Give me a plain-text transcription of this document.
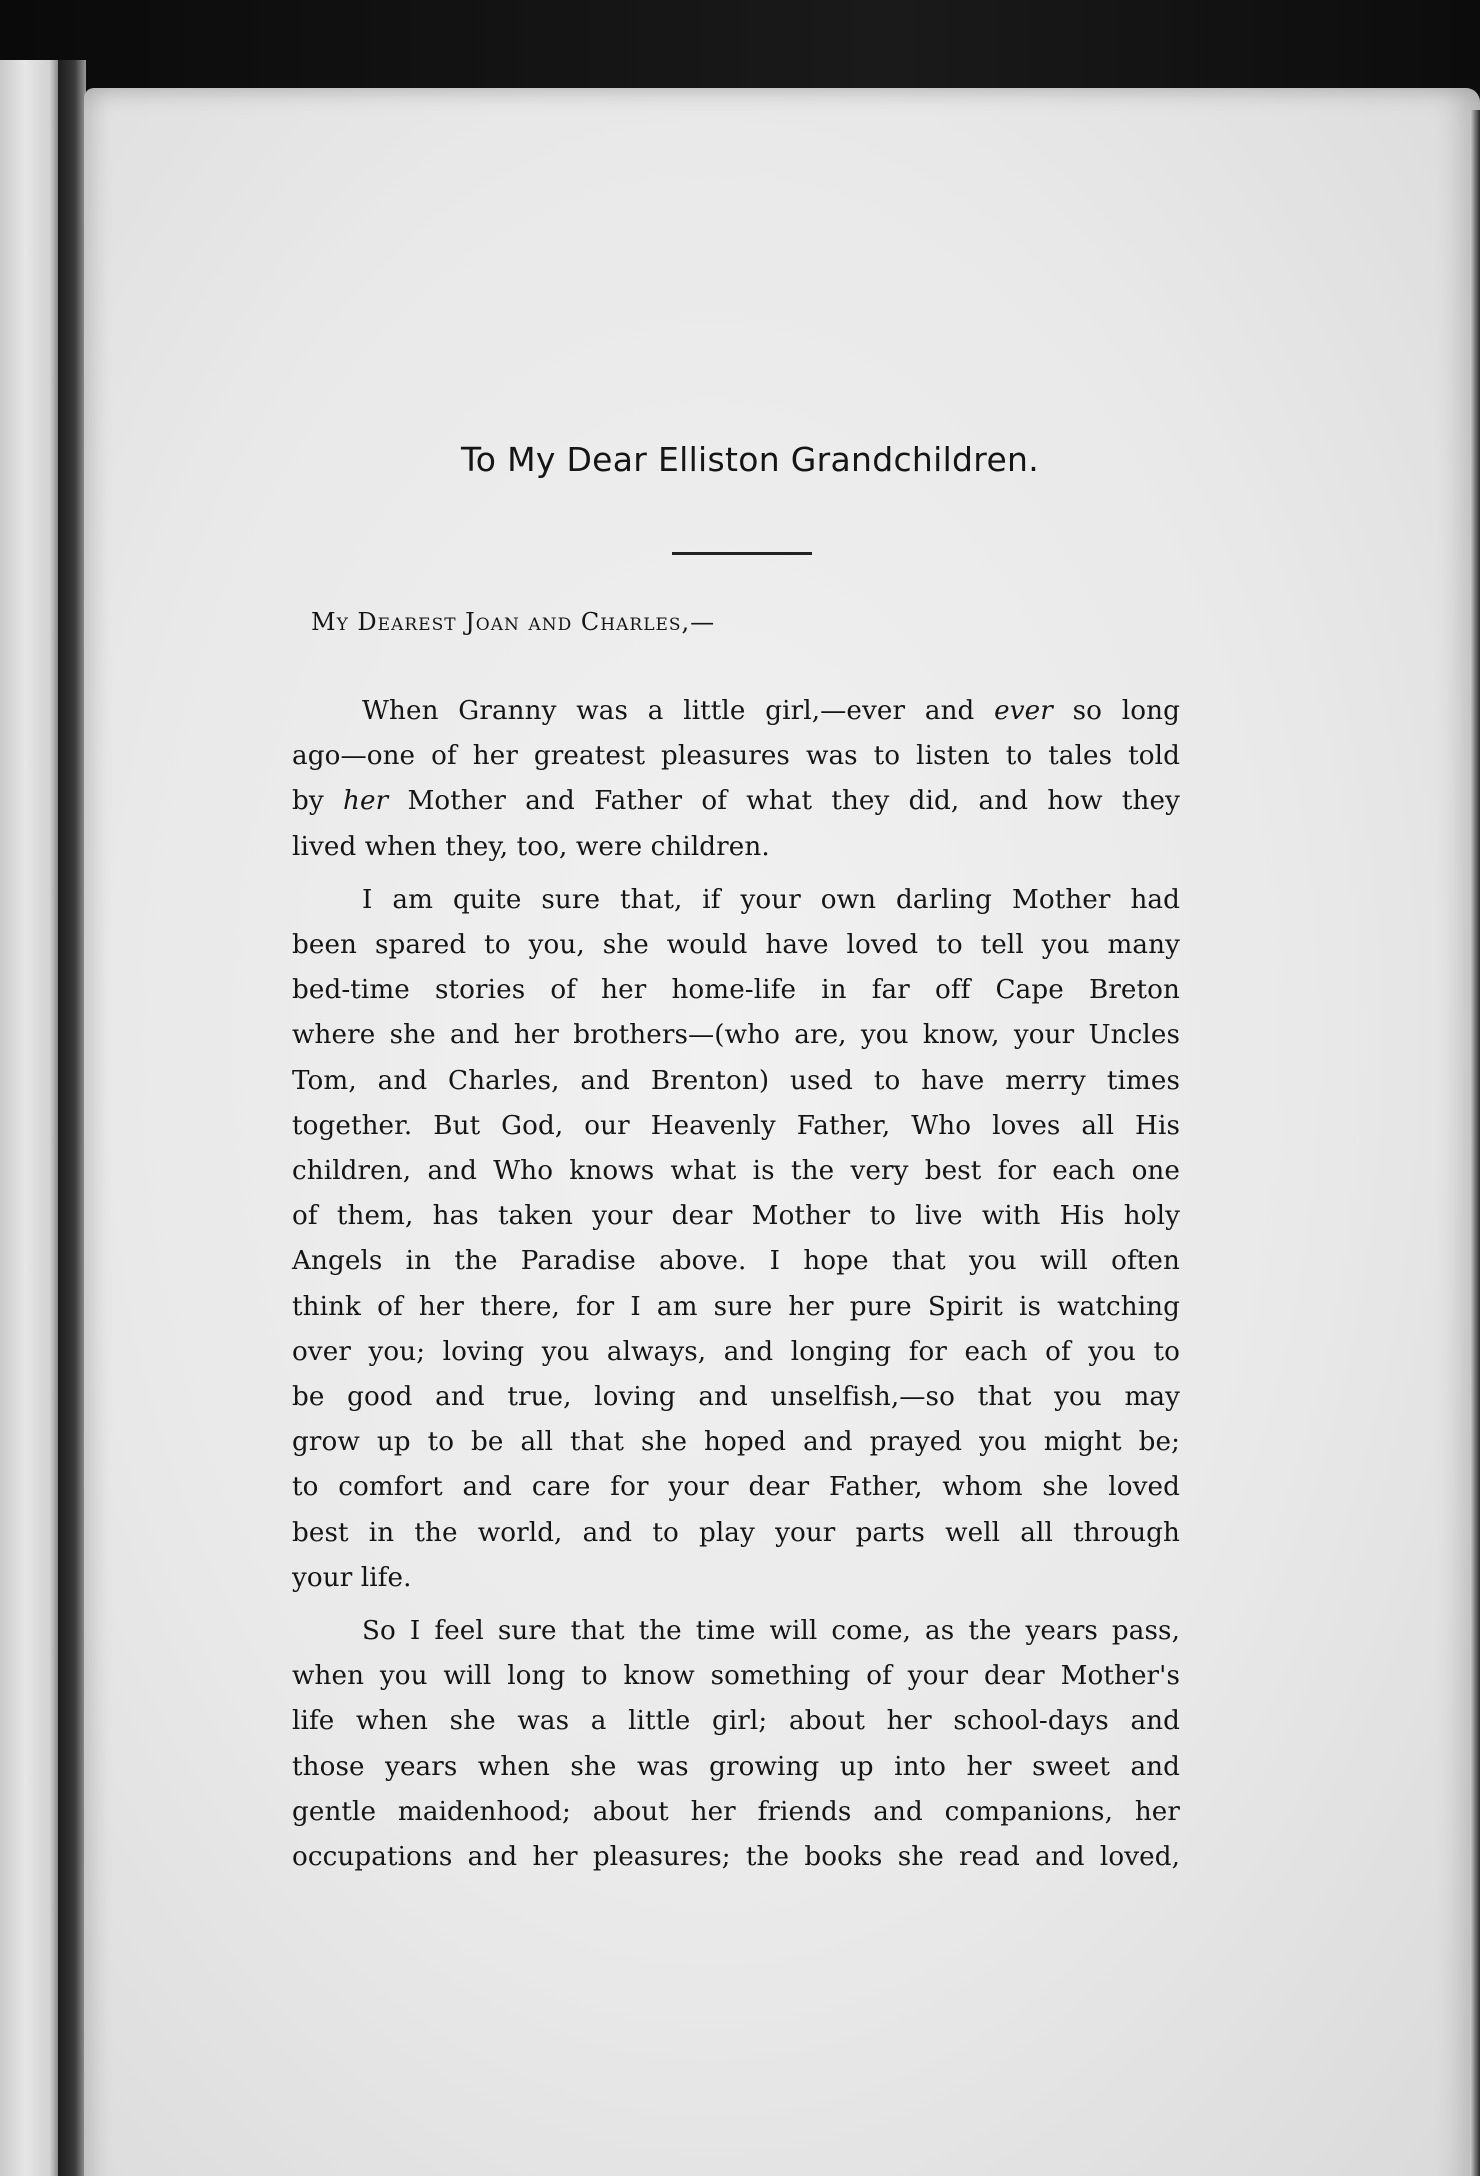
To My Dear Elliston Grandchildren.

My Dearest Joan and Charles,—

When Granny was a little girl,—ever and ever so long
ago—one of her greatest pleasures was to listen to tales told
by her Mother and Father of what they did, and how they
lived when they, too, were children.

I am quite sure that, if your own darling Mother had
been spared to you, she would have loved to tell you many
bed-time stories of her home-life in far off Cape Breton
where she and her brothers—(who are, you know, your Uncles
Tom, and Charles, and Brenton) used to have merry times
together. But God, our Heavenly Father, Who loves all His
children, and Who knows what is the very best for each one
of them, has taken your dear Mother to live with His holy
Angels in the Paradise above. I hope that you will often
think of her there, for I am sure her pure Spirit is watching
over you; loving you always, and longing for each of you to
be good and true, loving and unselfish,—so that you may
grow up to be all that she hoped and prayed you might be;
to comfort and care for your dear Father, whom she loved
best in the world, and to play your parts well all through
your life.

So I feel sure that the time will come, as the years pass,
when you will long to know something of your dear Mother's
life when she was a little girl; about her school-days and
those years when she was growing up into her sweet and
gentle maidenhood; about her friends and companions, her
occupations and her pleasures; the books she read and loved,
